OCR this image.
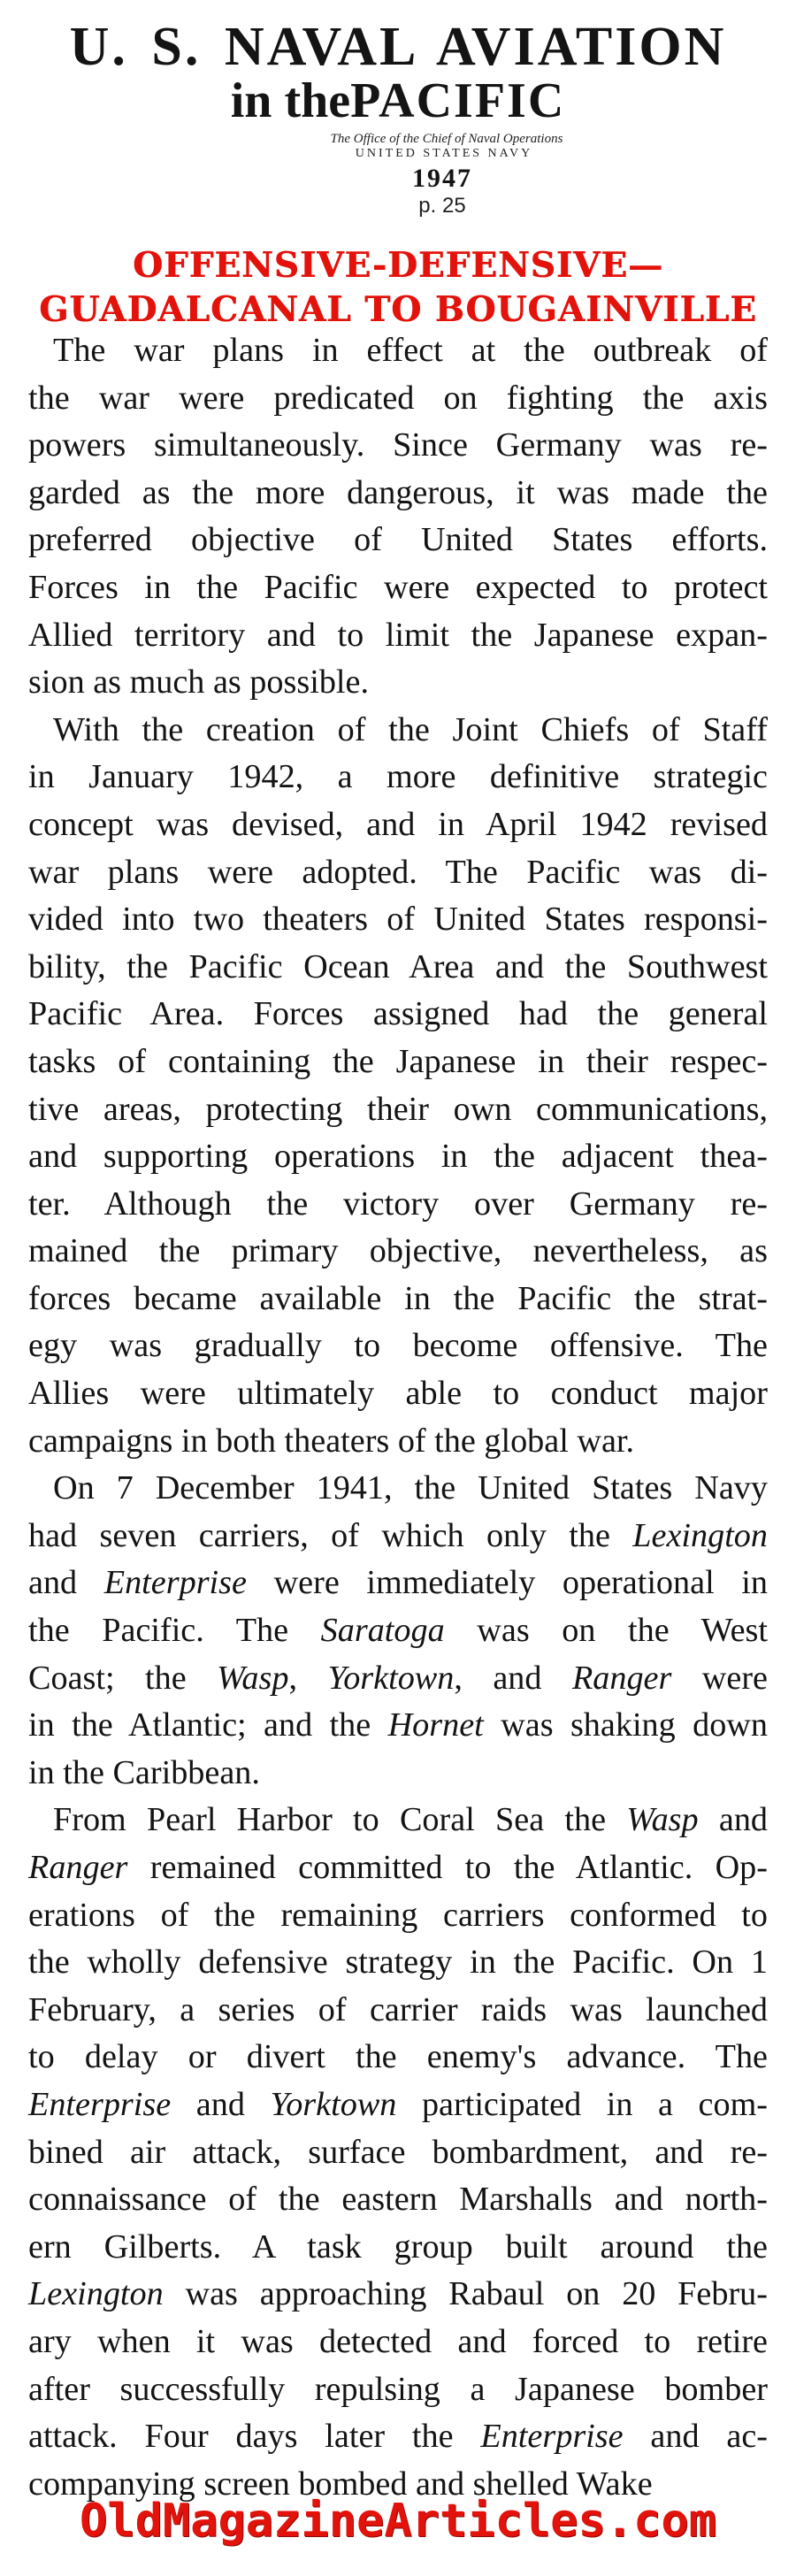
U. S. NAVAL AVIATION
in thePACIFIC
The Office of the Chief of Naval Operations
UNITED STATES NAVY
1947
p. 25
OFFENSIVE-DEFENSIVE—
GUADALCANAL TO BOUGAINVILLE
The war plans in effect at the outbreak of
the war were predicated on fighting the axis
powers simultaneously. Since Germany was re-
garded as the more dangerous, it was made the
preferred objective of United States efforts.
Forces in the Pacific were expected to protect
Allied territory and to limit the Japanese expan-
sion as much as possible.
With the creation of the Joint Chiefs of Staff
in January 1942, a more definitive strategic
concept was devised, and in April 1942 revised
war plans were adopted. The Pacific was di-
vided into two theaters of United States responsi-
bility, the Pacific Ocean Area and the Southwest
Pacific Area. Forces assigned had the general
tasks of containing the Japanese in their respec-
tive areas, protecting their own communications,
and supporting operations in the adjacent thea-
ter. Although the victory over Germany re-
mained the primary objective, nevertheless, as
forces became available in the Pacific the strat-
egy was gradually to become offensive. The
Allies were ultimately able to conduct major
campaigns in both theaters of the global war.
On 7 December 1941, the United States Navy
had seven carriers, of which only the Lexington
and Enterprise were immediately operational in
the Pacific. The Saratoga was on the West
Coast; the Wasp, Yorktown, and Ranger were
in the Atlantic; and the Hornet was shaking down
in the Caribbean.
From Pearl Harbor to Coral Sea the Wasp and
Ranger remained committed to the Atlantic. Op-
erations of the remaining carriers conformed to
the wholly defensive strategy in the Pacific. On 1
February, a series of carrier raids was launched
to delay or divert the enemy's advance. The
Enterprise and Yorktown participated in a com-
bined air attack, surface bombardment, and re-
connaissance of the eastern Marshalls and north-
ern Gilberts. A task group built around the
Lexington was approaching Rabaul on 20 Febru-
ary when it was detected and forced to retire
after successfully repulsing a Japanese bomber
attack. Four days later the Enterprise and ac-
companying screen bombed and shelled Wake
OldMagazineArticles.com
